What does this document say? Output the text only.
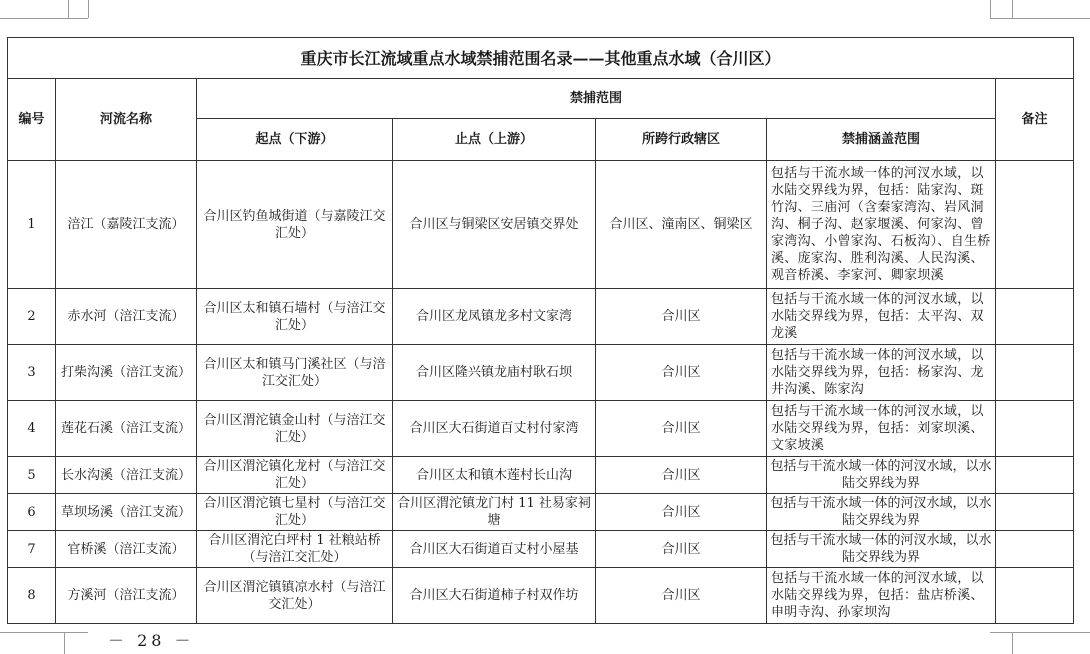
重庆市长江流域重点水域禁捕范围名录——其他重点水域（合川区）						
编号	河流名称	禁捕范围				备注
		起点（下游）	止点（上游）	所跨行政辖区	禁捕涵盖范围	
1	涪江（嘉陵江支流）	合川区钓鱼城街道（与嘉陵江交汇处）	合川区与铜梁区安居镇交界处	合川区、潼南区、铜梁区	包括与干流水域一体的河汊水域，以水陆交界线为界，包括：陆家沟、斑竹沟、三庙河（含秦家湾沟、岩风洞沟、桐子沟、赵家堰溪、何家沟、曾家湾沟、小曾家沟、石板沟）、自生桥溪、庞家沟、胜利沟溪、人民沟溪、观音桥溪、李家河、卿家坝溪	
2	赤水河（涪江支流）	合川区太和镇石墙村（与涪江交汇处）	合川区龙凤镇龙多村文家湾	合川区	包括与干流水域一体的河汊水域，以水陆交界线为界，包括：太平沟、双龙溪	
3	打柴沟溪（涪江支流）	合川区太和镇马门溪社区（与涪江交汇处）	合川区隆兴镇龙庙村耿石坝	合川区	包括与干流水域一体的河汊水域，以水陆交界线为界，包括：杨家沟、龙井沟溪、陈家沟	
4	莲花石溪（涪江支流）	合川区渭沱镇金山村（与涪江交汇处）	合川区大石街道百丈村付家湾	合川区	包括与干流水域一体的河汊水域，以水陆交界线为界，包括：刘家坝溪、文家坡溪	
5	长水沟溪（涪江支流）	合川区渭沱镇化龙村（与涪江交汇处）	合川区太和镇木莲村长山沟	合川区	包括与干流水域一体的河汊水域，以水陆交界线为界	
6	草坝场溪（涪江支流）	合川区渭沱镇七星村（与涪江交汇处）	合川区渭沱镇龙门村 11 社易家祠塘	合川区	包括与干流水域一体的河汊水域，以水陆交界线为界	
7	官桥溪（涪江支流）	合川区渭沱白坪村 1 社粮站桥（与涪江交汇处）	合川区大石街道百丈村小屋基	合川区	包括与干流水域一体的河汊水域，以水陆交界线为界	
8	方溪河（涪江支流）	合川区渭沱镇镇凉水村（与涪江交汇处）	合川区大石街道柿子村双作坊	合川区	包括与干流水域一体的河汊水域，以水陆交界线为界，包括：盐店桥溪、申明寺沟、孙家坝沟	
－ 28 －
